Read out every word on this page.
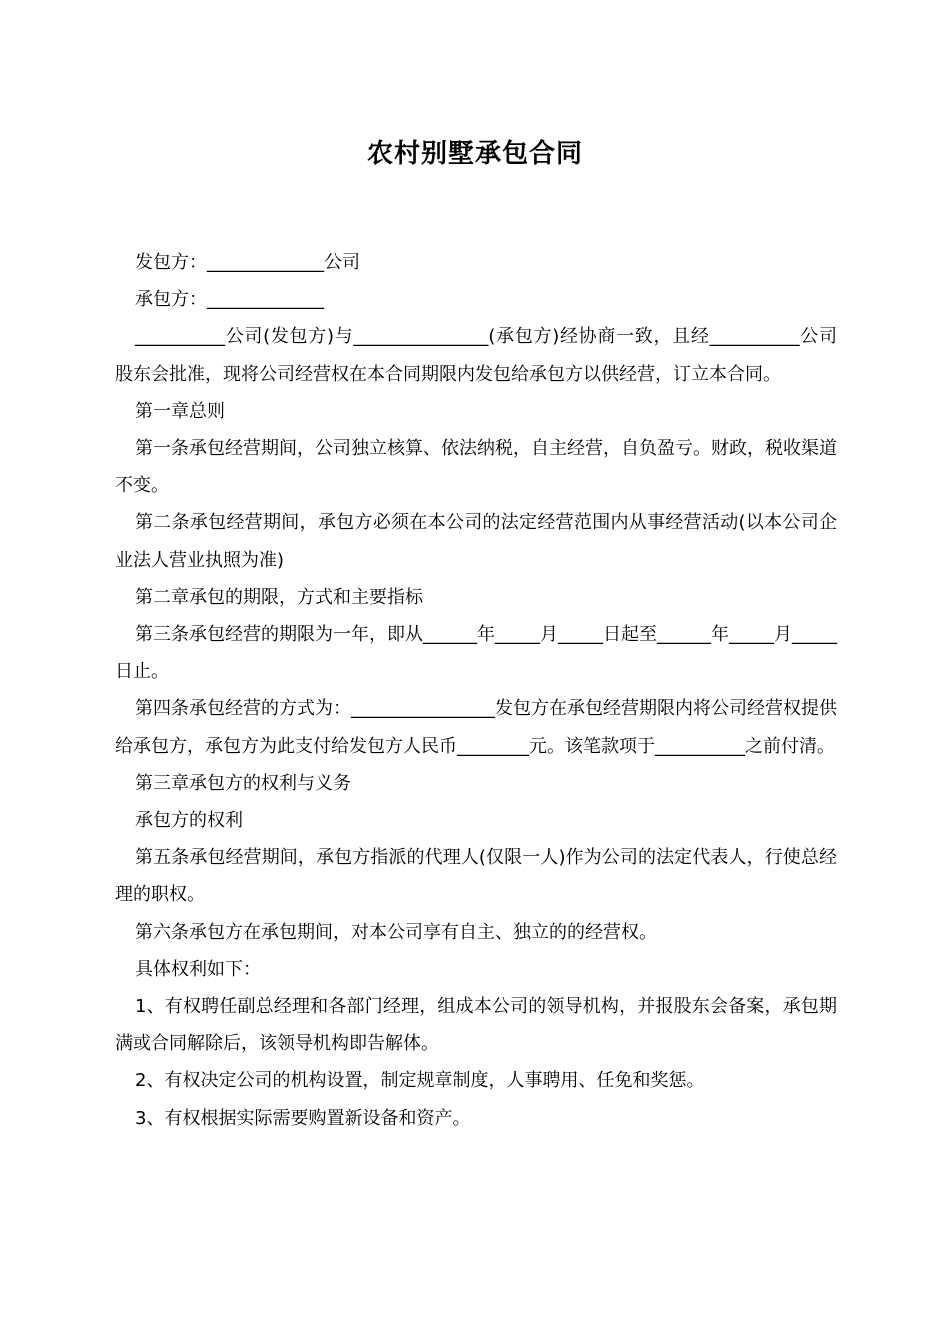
农村别墅承包合同

发包方：_____________公司

承包方：_____________

__________公司(发包方)与_______________(承包方)经协商一致，且经__________公司股东会批准，现将公司经营权在本合同期限内发包给承包方以供经营，订立本合同。

第一章总则

第一条承包经营期间，公司独立核算、依法纳税，自主经营，自负盈亏。财政，税收渠道不变。

第二条承包经营期间，承包方必须在本公司的法定经营范围内从事经营活动(以本公司企业法人营业执照为准)

第二章承包的期限，方式和主要指标

第三条承包经营的期限为一年，即从______年_____月_____日起至______年_____月_____日止。

第四条承包经营的方式为：________________发包方在承包经营期限内将公司经营权提供给承包方，承包方为此支付给发包方人民币________元。该笔款项于__________之前付清。

第三章承包方的权利与义务

承包方的权利

第五条承包经营期间，承包方指派的代理人(仅限一人)作为公司的法定代表人，行使总经理的职权。

第六条承包方在承包期间，对本公司享有自主、独立的的经营权。

具体权利如下：

1、有权聘任副总经理和各部门经理，组成本公司的领导机构，并报股东会备案，承包期满或合同解除后，该领导机构即告解体。

2、有权决定公司的机构设置，制定规章制度，人事聘用、任免和奖惩。

3、有权根据实际需要购置新设备和资产。
